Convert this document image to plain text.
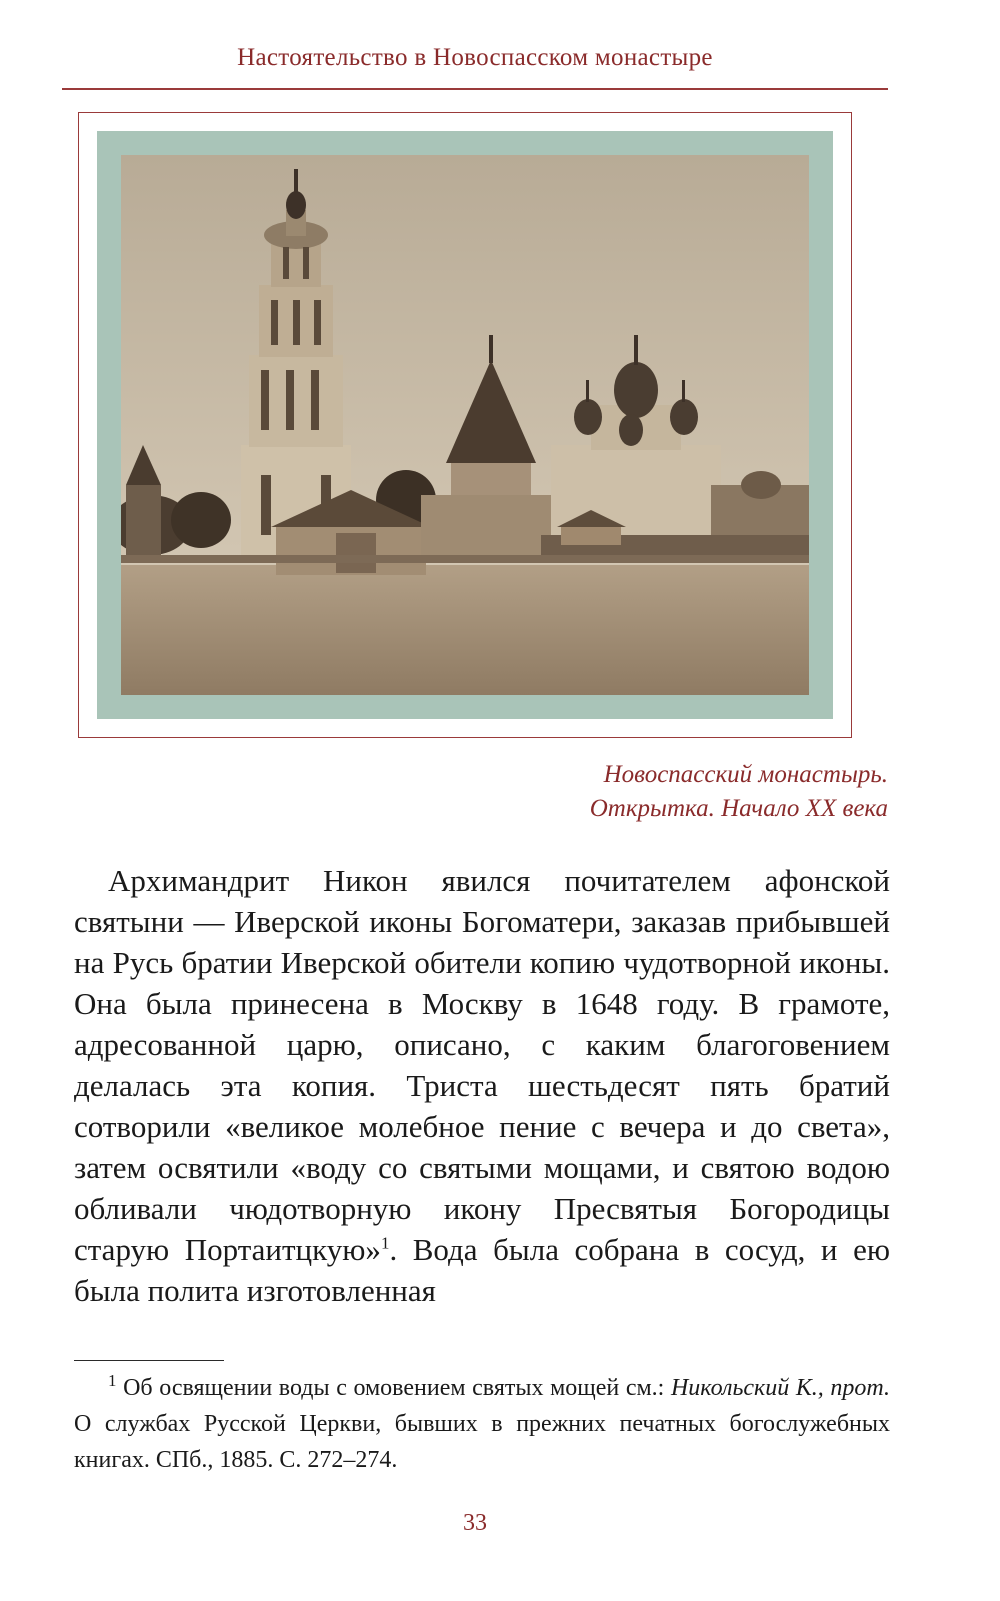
Настоятельство в Новоспасском монастыре
Новоспасский монастырь.
Открытка. Начало XX века

Архимандрит Никон явился почитателем афонской святыни — Иверской иконы Богоматери, заказав прибывшей на Русь братии Иверской обители копию чудотворной иконы. Она была принесена в Москву в 1648 году. В грамоте, адресованной царю, описано, с каким благоговением делалась эта копия. Триста шестьдесят пять братий сотворили «великое молебное пение с вечера и до света», затем освятили «воду со святыми мощами, и святою водою обливали чюдотворную икону Пресвятыя Богородицы старую Портаитцкую»$^1$. Вода была собрана в сосуд, и ею была полита изготовленная

$^1$ Об освящении воды с омовением святых мощей см.: Никольский К., прот. О службах Русской Церкви, бывших в прежних печатных богослужебных книгах. СПб., 1885. С. 272–274.

33
